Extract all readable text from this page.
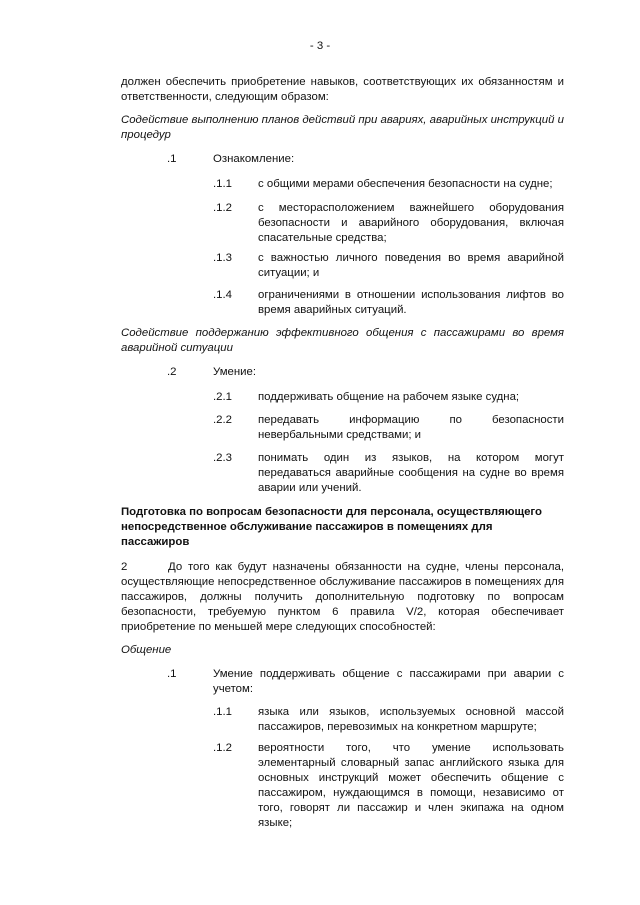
- 3 -
должен обеспечить приобретение навыков, соответствующих их обязанностям и ответственности, следующим образом:
Содействие выполнению планов действий при авариях, аварийных инструкций и процедур
.1	Ознакомление:
.1.1 с общими мерами обеспечения безопасности на судне;
.1.2 с месторасположением важнейшего оборудования безопасности и аварийного оборудования, включая спасательные средства;
.1.3 с важностью личного поведения во время аварийной ситуации; и
.1.4 ограничениями в отношении использования лифтов во время аварийных ситуаций.
Содействие поддержанию эффективного общения с пассажирами во время аварийной ситуации
.2	Умение:
.2.1 поддерживать общение на рабочем языке судна;
.2.2 передавать информацию по безопасности невербальными средствами; и
.2.3 понимать один из языков, на котором могут передаваться аварийные сообщения на судне во время аварии или учений.
Подготовка по вопросам безопасности для персонала, осуществляющего непосредственное обслуживание пассажиров в помещениях для пассажиров
2	До того как будут назначены обязанности на судне, члены персонала, осуществляющие непосредственное обслуживание пассажиров в помещениях для пассажиров, должны получить дополнительную подготовку по вопросам безопасности, требуемую пунктом 6 правила V/2, которая обеспечивает приобретение по меньшей мере следующих способностей:
Общение
.1	Умение поддерживать общение с пассажирами при аварии с учетом:
.1.1 языка или языков, используемых основной массой пассажиров, перевозимых на конкретном маршруте;
.1.2 вероятности того, что умение использовать элементарный словарный запас английского языка для основных инструкций может обеспечить общение с пассажиром, нуждающимся в помощи, независимо от того, говорят ли пассажир и член экипажа на одном языке;
